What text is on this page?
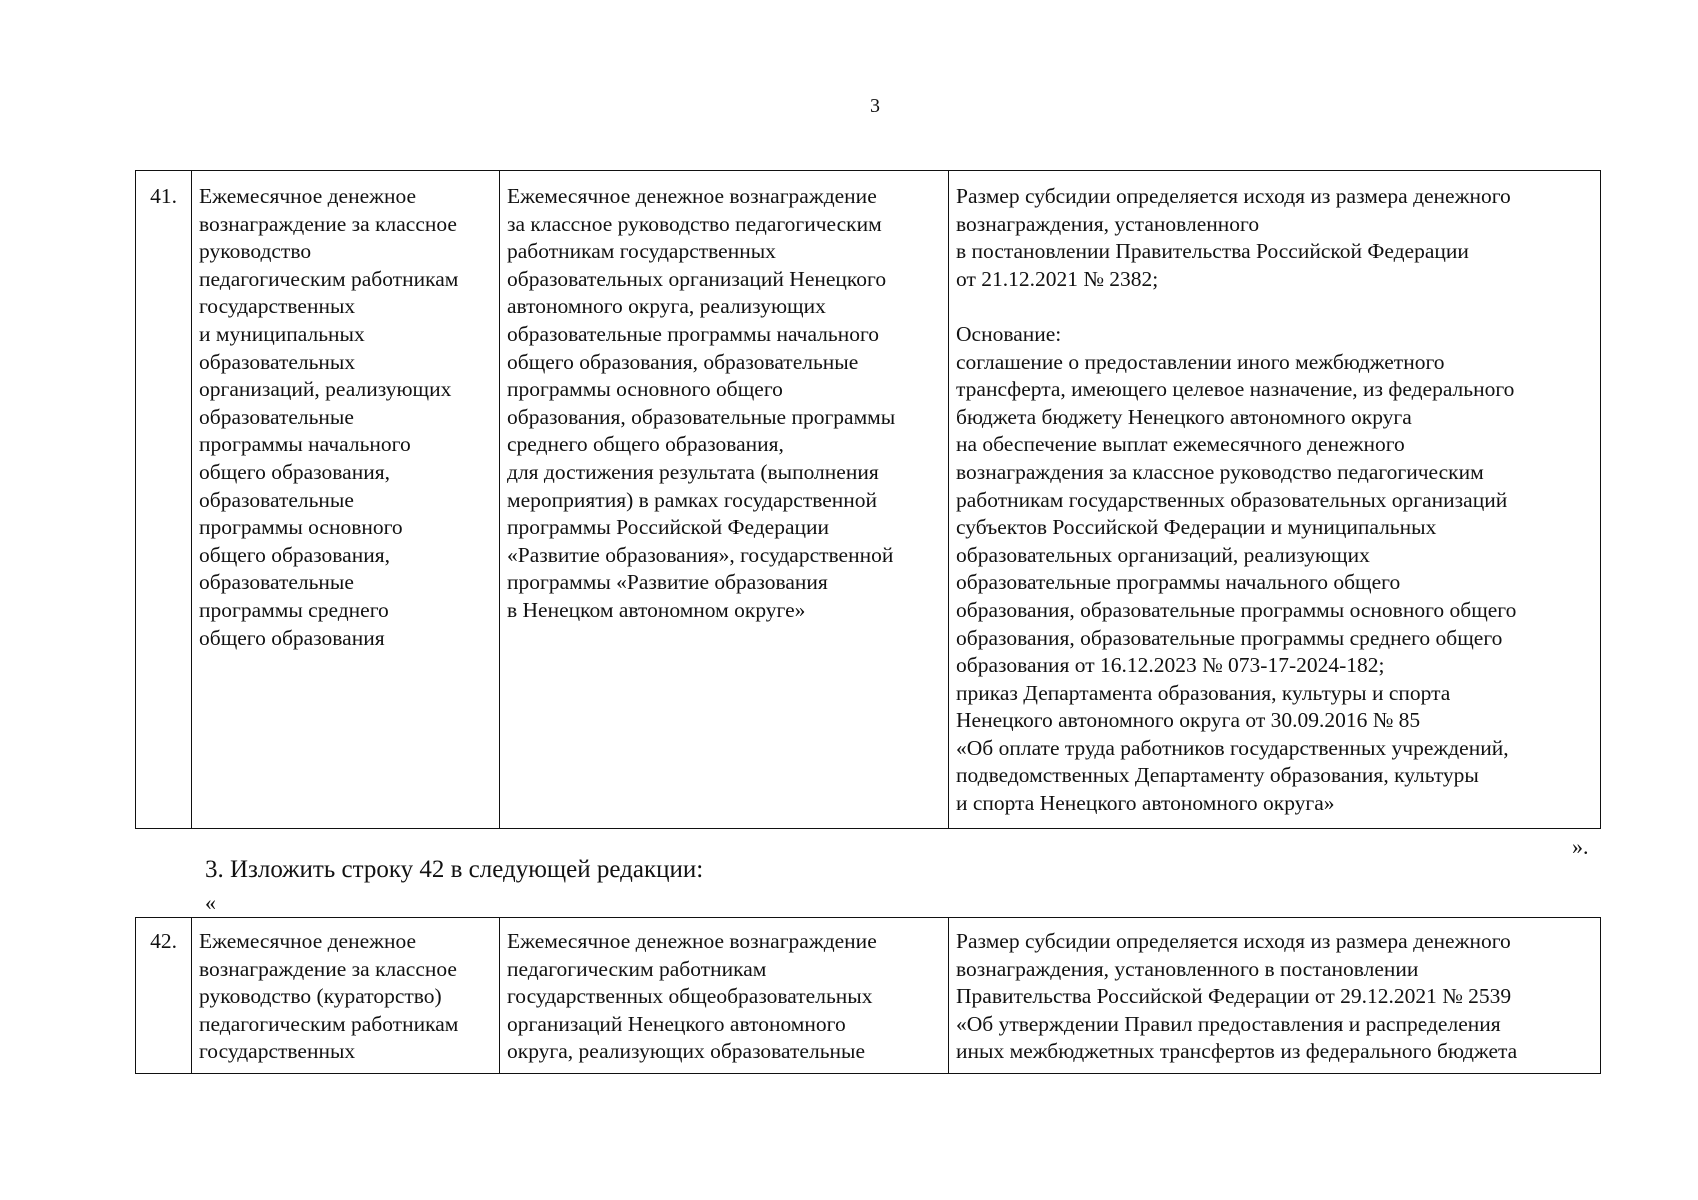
3
41.	Ежемесячное денежное
вознаграждение за классное
руководство
педагогическим работникам
государственных
и муниципальных
образовательных
организаций, реализующих
образовательные
программы начального
общего образования,
образовательные
программы основного
общего образования,
образовательные
программы среднего
общего образования	Ежемесячное денежное вознаграждение
за классное руководство педагогическим
работникам государственных
образовательных организаций Ненецкого
автономного округа, реализующих
образовательные программы начального
общего образования, образовательные
программы основного общего
образования, образовательные программы
среднего общего образования,
для достижения результата (выполнения
мероприятия) в рамках государственной
программы Российской Федерации
«Развитие образования», государственной
программы «Развитие образования
в Ненецком автономном округе»	Размер субсидии определяется исходя из размера денежного
вознаграждения, установленного
в постановлении Правительства Российской Федерации
от 21.12.2021 № 2382;

Основание:
соглашение о предоставлении иного межбюджетного
трансферта, имеющего целевое назначение, из федерального
бюджета бюджету Ненецкого автономного округа
на обеспечение выплат ежемесячного денежного
вознаграждения за классное руководство педагогическим
работникам государственных образовательных организаций
субъектов Российской Федерации и муниципальных
образовательных организаций, реализующих
образовательные программы начального общего
образования, образовательные программы основного общего
образования, образовательные программы среднего общего
образования от 16.12.2023 № 073-17-2024-182;
приказ Департамента образования, культуры и спорта
Ненецкого автономного округа от 30.09.2016 № 85
«Об оплате труда работников государственных учреждений,
подведомственных Департаменту образования, культуры
и спорта Ненецкого автономного округа»
».
3. Изложить строку 42 в следующей редакции:
«
42.	Ежемесячное денежное
вознаграждение за классное
руководство (кураторство)
педагогическим работникам
государственных	Ежемесячное денежное вознаграждение
педагогическим работникам
государственных общеобразовательных
организаций Ненецкого автономного
округа, реализующих образовательные	Размер субсидии определяется исходя из размера денежного
вознаграждения, установленного в постановлении
Правительства Российской Федерации от 29.12.2021 № 2539
«Об утверждении Правил предоставления и распределения
иных межбюджетных трансфертов из федерального бюджета
